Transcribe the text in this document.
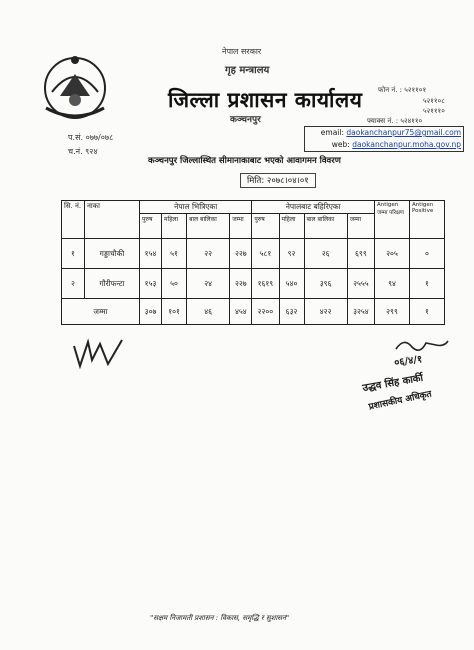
नेपाल सरकार
गृह मन्त्रालय
जिल्ला प्रशासन कार्यालय
कञ्चनपुर
प.सं. ०७७/०७८
च.नं. ९२४
फोन नं. : ५२११०१
५२११०८
५२१११०
फ्याक्स नं. : ५२४११०
email: daokanchanpur75@gmail.com
web: daokanchanpur.moha.gov.np
कञ्चनपुर जिल्लास्थित सीमानाकाबाट भएको आवागमन विवरण
मिति: २०७८।०४।०१
सि. नं.	नाका	नेपाल भित्रिएका				नेपालबाट बहिरिएका				Antigen जम्मा परिक्षण	Antigen Positive
		पुरुष	महिला	बाल बालिका	जम्मा	पुरुष	महिला	बाल बालिका	जम्मा		
१	गड्डाचौकी	१५४	५१	२२	२२७	५८१	९२	२६	६९९	२०५	०
२	गौरीफन्टा	१५३	५०	२४	२२७	१६१९	५४०	३९६	२५५५	९४	१
जम्मा		३०७	१०१	४६	४५४	२२००	६३२	४२२	३२५४	२९९	१
०६/४/१
उद्धव सिंह कार्की
प्रशासकीय अधिकृत
"सक्षम निजामती प्रशासन : विकास, समृद्धि र सुशासन"
